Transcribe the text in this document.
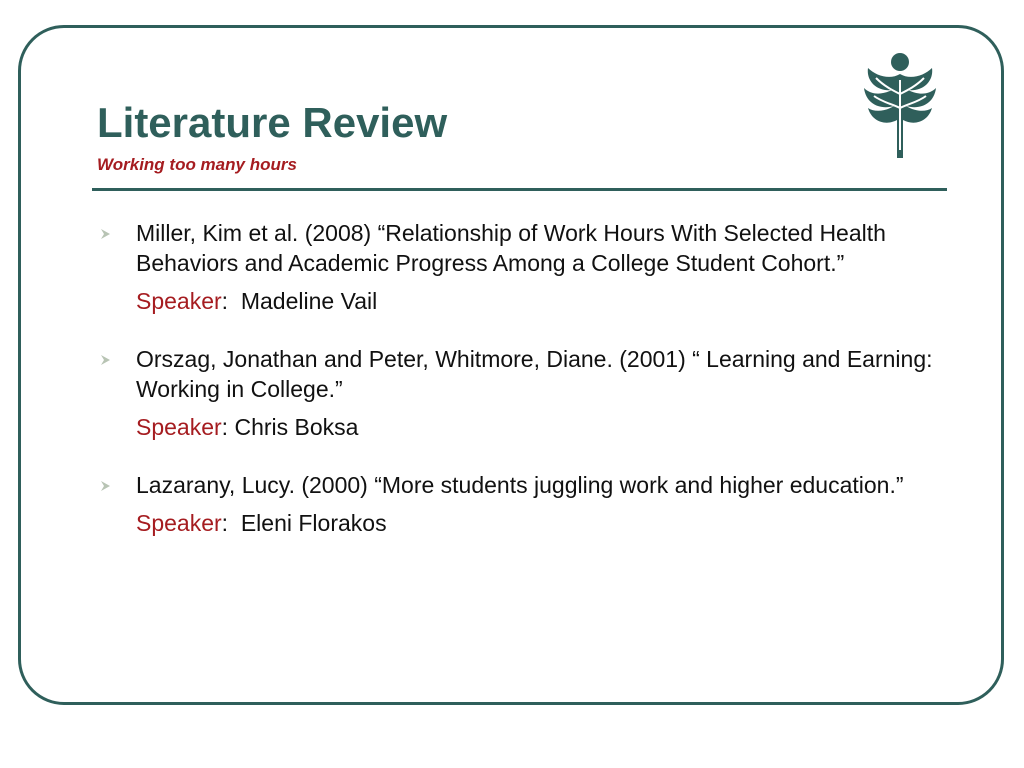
Literature Review

Working too many hours

Miller, Kim et al. (2008) “Relationship of Work Hours With Selected Health Behaviors and Academic Progress Among a College Student Cohort.”
Speaker:  Madeline Vail
Orszag, Jonathan and Peter, Whitmore, Diane. (2001) “ Learning and Earning: Working in College.”
Speaker: Chris Boksa
Lazarany, Lucy. (2000) “More students juggling work and higher education.”
Speaker:  Eleni Florakos
